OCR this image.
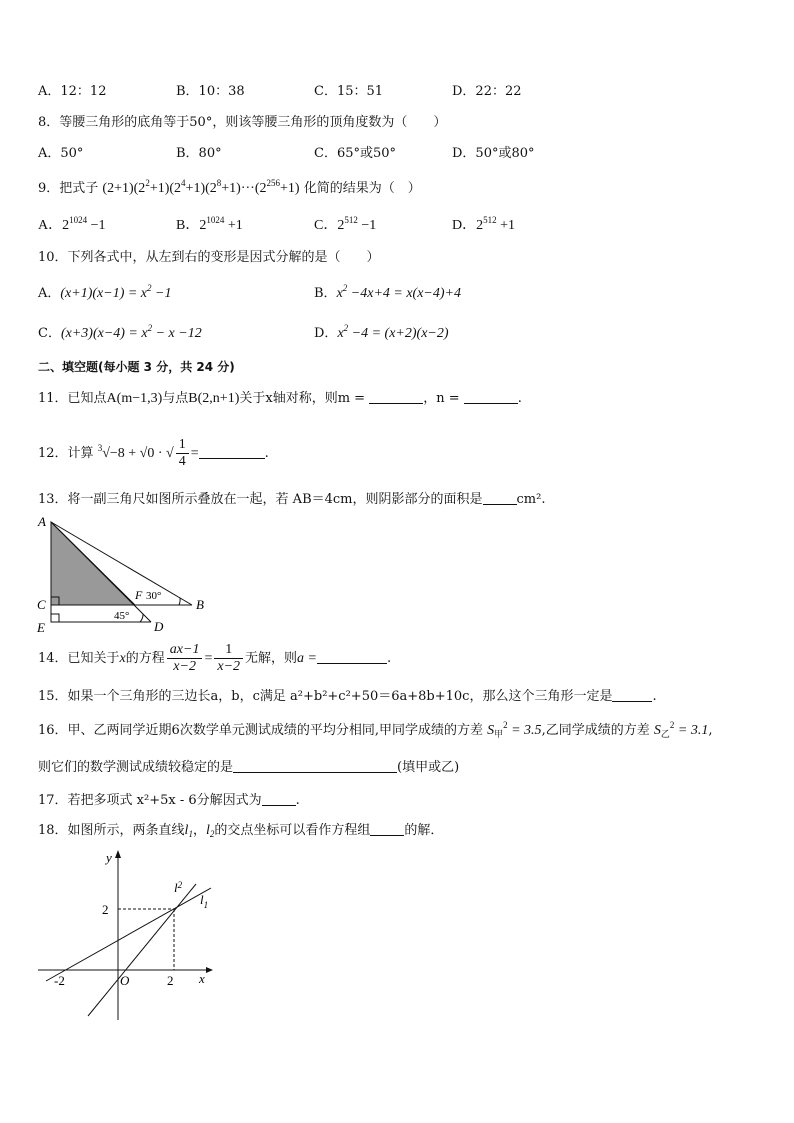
A．12：12	B．10：38	C．15：51	D．22：22
8．等腰三角形的底角等于50°，则该等腰三角形的顶角度数为（　　）
A．50°	B．80°	C．65°或50°	D．50°或80°
9．把式子 $(2+1)(2^2+1)(2^4+1)(2^8+1)\cdot\cdot\cdot(2^{256}+1)$ 化简的结果为（　）
A．$2^{1024} -1$	B．$2^{1024} +1$	C．$2^{512} -1$	D．$2^{512} +1$
10．下列各式中，从左到右的变形是因式分解的是（　　）
A．$(x+1)(x-1) = x^2 -1$	B．$x^2 -4x+4 = x(x-4)+4$
C．$(x+3)(x-4) = x^2 - x -12$	D．$x^2 -4 = (x+2)(x-2)$
二、填空题(每小题 3 分，共 24 分)
11．已知点A(m−1,3)与点B(2,n+1)关于x轴对称，则m =	，n =	.
12．计算 $^3$√−8 + √0 · √ $\frac{1}{4}$ =	.
13．将一副三角尺如图所示叠放在一起，若 AB＝4cm，则阴影部分的面积是	cm².
A
C
E
F 30°
B
45°
D
14．已知关于x的方程 $\frac{ax-1}{x-2} = \frac{1}{x-2}$ 无解，则a =	.
15．如果一个三角形的三边长a，b，c满足 a²+b²+c²+50＝6a+8b+10c，那么这个三角形一定是	.
16．甲、乙两同学近期6次数学单元测试成绩的平均分相同,甲同学成绩的方差 $S_甲^2 = 3.5$,乙同学成绩的方差 $S_乙^2 = 3.1$,
则它们的数学测试成绩较稳定的是	(填甲或乙)
17．若把多项式 x²+5x - 6分解因式为	.
18．如图所示，两条直线$l_1$，$l_2$的交点坐标可以看作方程组	的解．
y
x
O
-2	2
2
$l^2$
$l_1$
